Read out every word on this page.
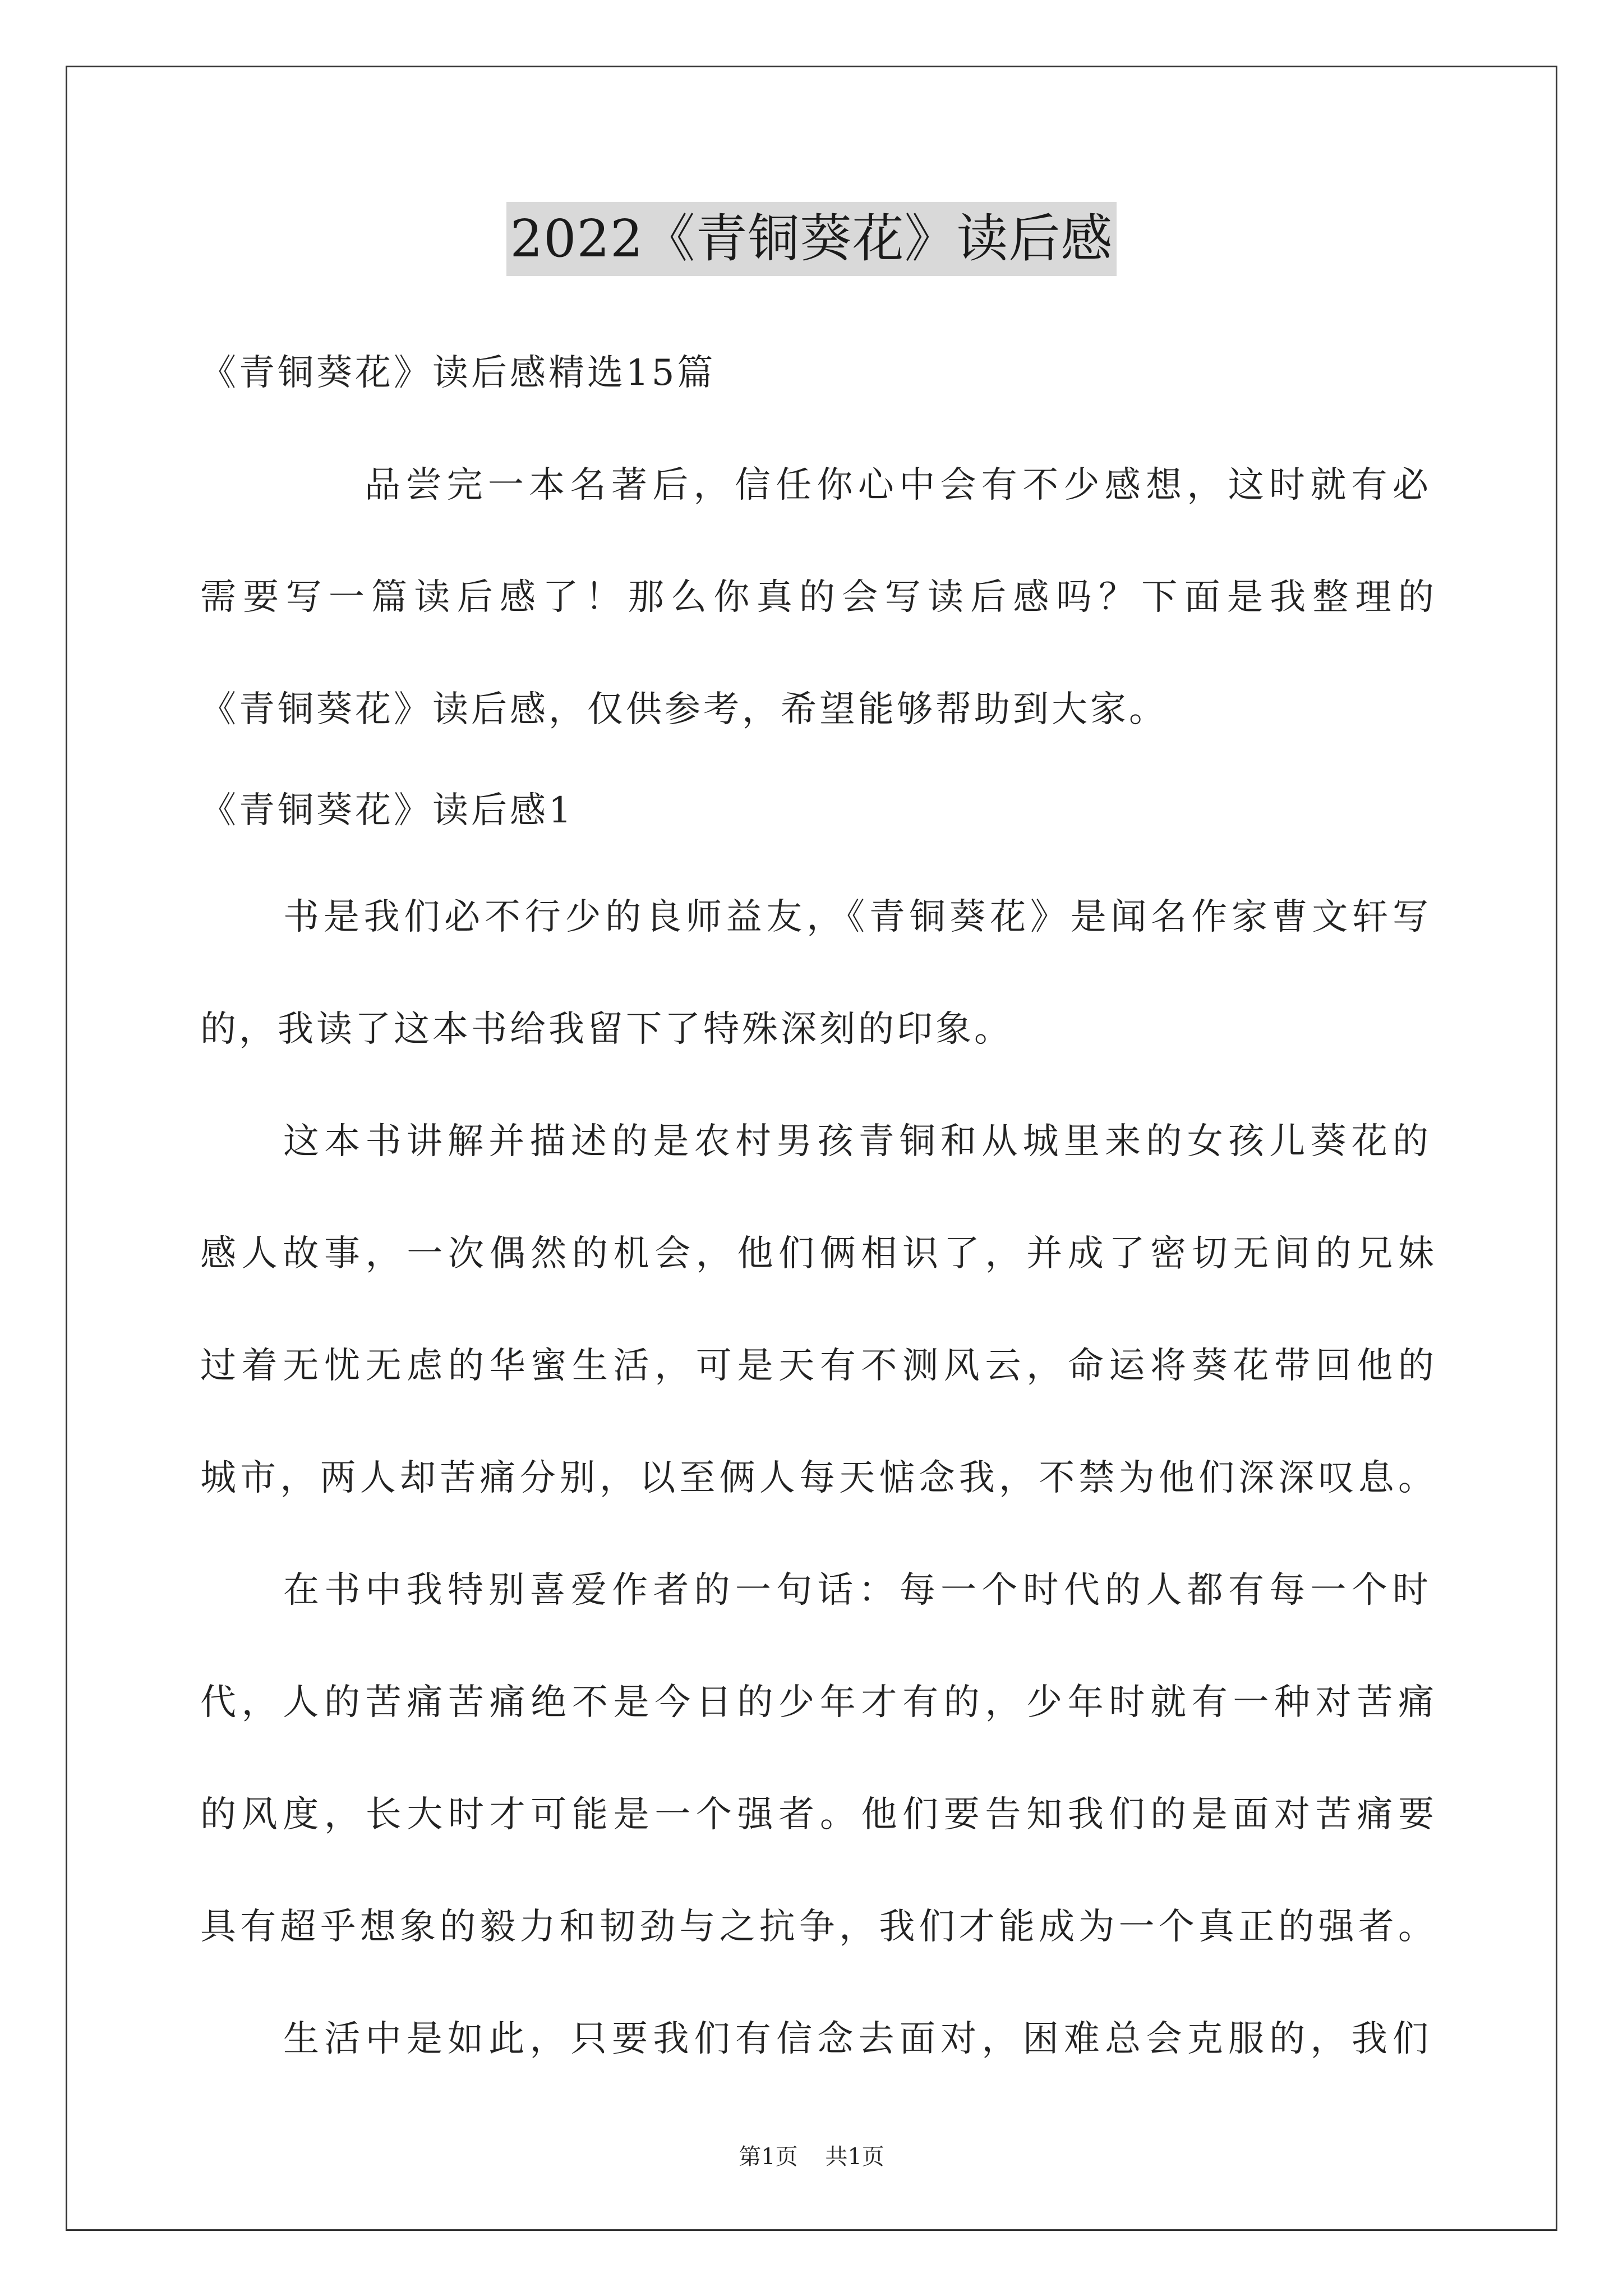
2022《青铜葵花》读后感
《青铜葵花》读后感精选15篇
品尝完一本名著后，信任你心中会有不少感想，这时就有必
需要写一篇读后感了！那么你真的会写读后感吗？下面是我整理的
《青铜葵花》读后感，仅供参考，希望能够帮助到大家。
《青铜葵花》读后感1
书是我们必不行少的良师益友，《青铜葵花》是闻名作家曹文轩写
的，我读了这本书给我留下了特殊深刻的印象。
这本书讲解并描述的是农村男孩青铜和从城里来的女孩儿葵花的
感人故事，一次偶然的机会，他们俩相识了，并成了密切无间的兄妹
过着无忧无虑的华蜜生活，可是天有不测风云，命运将葵花带回他的
城市，两人却苦痛分别，以至俩人每天惦念我，不禁为他们深深叹息。
在书中我特别喜爱作者的一句话：每一个时代的人都有每一个时
代，人的苦痛苦痛绝不是今日的少年才有的，少年时就有一种对苦痛
的风度，长大时才可能是一个强者。他们要告知我们的是面对苦痛要
具有超乎想象的毅力和韧劲与之抗争，我们才能成为一个真正的强者。
生活中是如此，只要我们有信念去面对，困难总会克服的，我们
第1页 共1页
